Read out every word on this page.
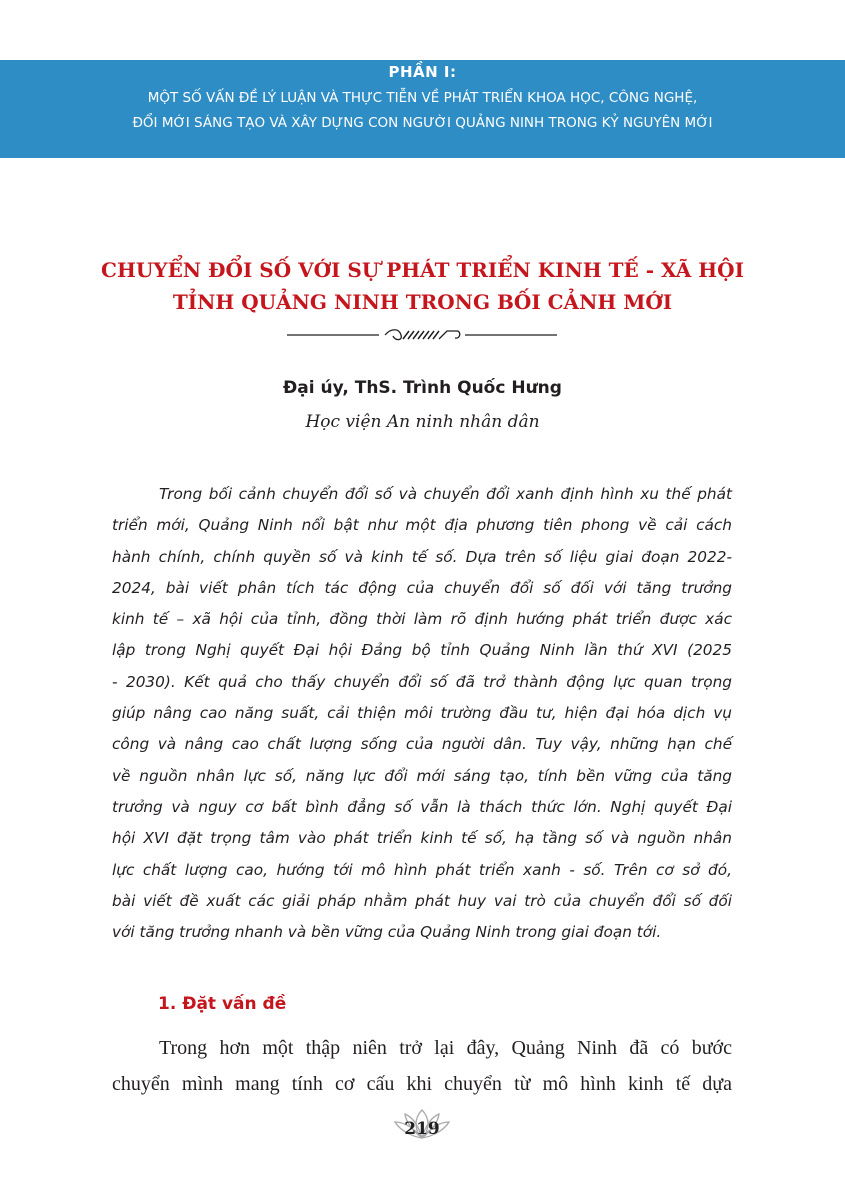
PHẦN I:
MỘT SỐ VẤN ĐỀ LÝ LUẬN VÀ THỰC TIỄN VỀ PHÁT TRIỂN KHOA HỌC, CÔNG NGHỆ,
ĐỔI MỚI SÁNG TẠO VÀ XÂY DỰNG CON NGƯỜI QUẢNG NINH TRONG KỶ NGUYÊN MỚI
CHUYỂN ĐỔI SỐ VỚI SỰ PHÁT TRIỂN KINH TẾ - XÃ HỘI
TỈNH QUẢNG NINH TRONG BỐI CẢNH MỚI
Đại úy, ThS. Trình Quốc Hưng
Học viện An ninh nhân dân
Trong bối cảnh chuyển đổi số và chuyển đổi xanh định hình xu thế phát
triển mới, Quảng Ninh nổi bật như một địa phương tiên phong về cải cách
hành chính, chính quyền số và kinh tế số. Dựa trên số liệu giai đoạn 2022-
2024, bài viết phân tích tác động của chuyển đổi số đối với tăng trưởng
kinh tế – xã hội của tỉnh, đồng thời làm rõ định hướng phát triển được xác
lập trong Nghị quyết Đại hội Đảng bộ tỉnh Quảng Ninh lần thứ XVI (2025
- 2030). Kết quả cho thấy chuyển đổi số đã trở thành động lực quan trọng
giúp nâng cao năng suất, cải thiện môi trường đầu tư, hiện đại hóa dịch vụ
công và nâng cao chất lượng sống của người dân. Tuy vậy, những hạn chế
về nguồn nhân lực số, năng lực đổi mới sáng tạo, tính bền vững của tăng
trưởng và nguy cơ bất bình đẳng số vẫn là thách thức lớn. Nghị quyết Đại
hội XVI đặt trọng tâm vào phát triển kinh tế số, hạ tầng số và nguồn nhân
lực chất lượng cao, hướng tới mô hình phát triển xanh - số. Trên cơ sở đó,
bài viết đề xuất các giải pháp nhằm phát huy vai trò của chuyển đổi số đối
với tăng trưởng nhanh và bền vững của Quảng Ninh trong giai đoạn tới.
1. Đặt vấn đề
Trong hơn một thập niên trở lại đây, Quảng Ninh đã có bước
chuyển mình mang tính cơ cấu khi chuyển từ mô hình kinh tế dựa
219
